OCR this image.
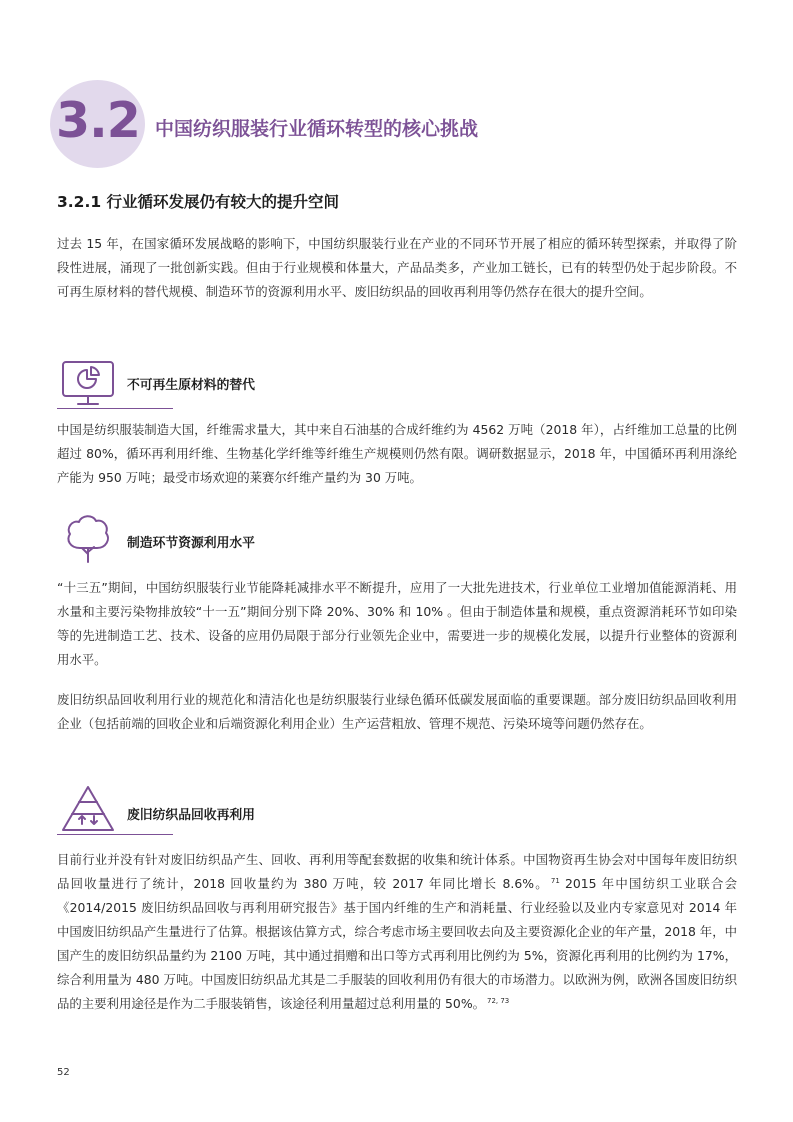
3.2 中国纺织服装行业循环转型的核心挑战
3.2.1 行业循环发展仍有较大的提升空间

过去 15 年，在国家循环发展战略的影响下，中国纺织服装行业在产业的不同环节开展了相应的循环转型探索，并取得了阶段性进展，涌现了一批创新实践。但由于行业规模和体量大，产品品类多，产业加工链长，已有的转型仍处于起步阶段。不可再生原材料的替代规模、制造环节的资源利用水平、废旧纺织品的回收再利用等仍然存在很大的提升空间。

不可再生原材料的替代

中国是纺织服装制造大国，纤维需求量大，其中来自石油基的合成纤维约为 4562 万吨（2018 年），占纤维加工总量的比例超过 80%，循环再利用纤维、生物基化学纤维等纤维生产规模则仍然有限。调研数据显示，2018 年，中国循环再利用涤纶产能为 950 万吨；最受市场欢迎的莱赛尔纤维产量约为 30 万吨。

制造环节资源利用水平

“十三五”期间，中国纺织服装行业节能降耗减排水平不断提升，应用了一大批先进技术，行业单位工业增加值能源消耗、用水量和主要污染物排放较“十一五”期间分别下降 20%、30% 和 10% 。但由于制造体量和规模，重点资源消耗环节如印染等的先进制造工艺、技术、设备的应用仍局限于部分行业领先企业中，需要进一步的规模化发展，以提升行业整体的资源利用水平。

废旧纺织品回收利用行业的规范化和清洁化也是纺织服装行业绿色循环低碳发展面临的重要课题。部分废旧纺织品回收利用企业（包括前端的回收企业和后端资源化利用企业）生产运营粗放、管理不规范、污染环境等问题仍然存在。

废旧纺织品回收再利用

目前行业并没有针对废旧纺织品产生、回收、再利用等配套数据的收集和统计体系。中国物资再生协会对中国每年废旧纺织品回收量进行了统计，2018 回收量约为 380 万吨，较 2017 年同比增长 8.6%。 $^{71}$ 2015 年中国纺织工业联合会《2014/2015 废旧纺织品回收与再利用研究报告》基于国内纤维的生产和消耗量、行业经验以及业内专家意见对 2014 年中国废旧纺织品产生量进行了估算。根据该估算方式，综合考虑市场主要回收去向及主要资源化企业的年产量，2018 年，中国产生的废旧纺织品量约为 2100 万吨，其中通过捐赠和出口等方式再利用比例约为 5%，资源化再利用的比例约为 17%，综合利用量为 480 万吨。中国废旧纺织品尤其是二手服装的回收利用仍有很大的市场潜力。以欧洲为例，欧洲各国废旧纺织品的主要利用途径是作为二手服装销售，该途径利用量超过总利用量的 50%。 $^{72, 73}$

52
